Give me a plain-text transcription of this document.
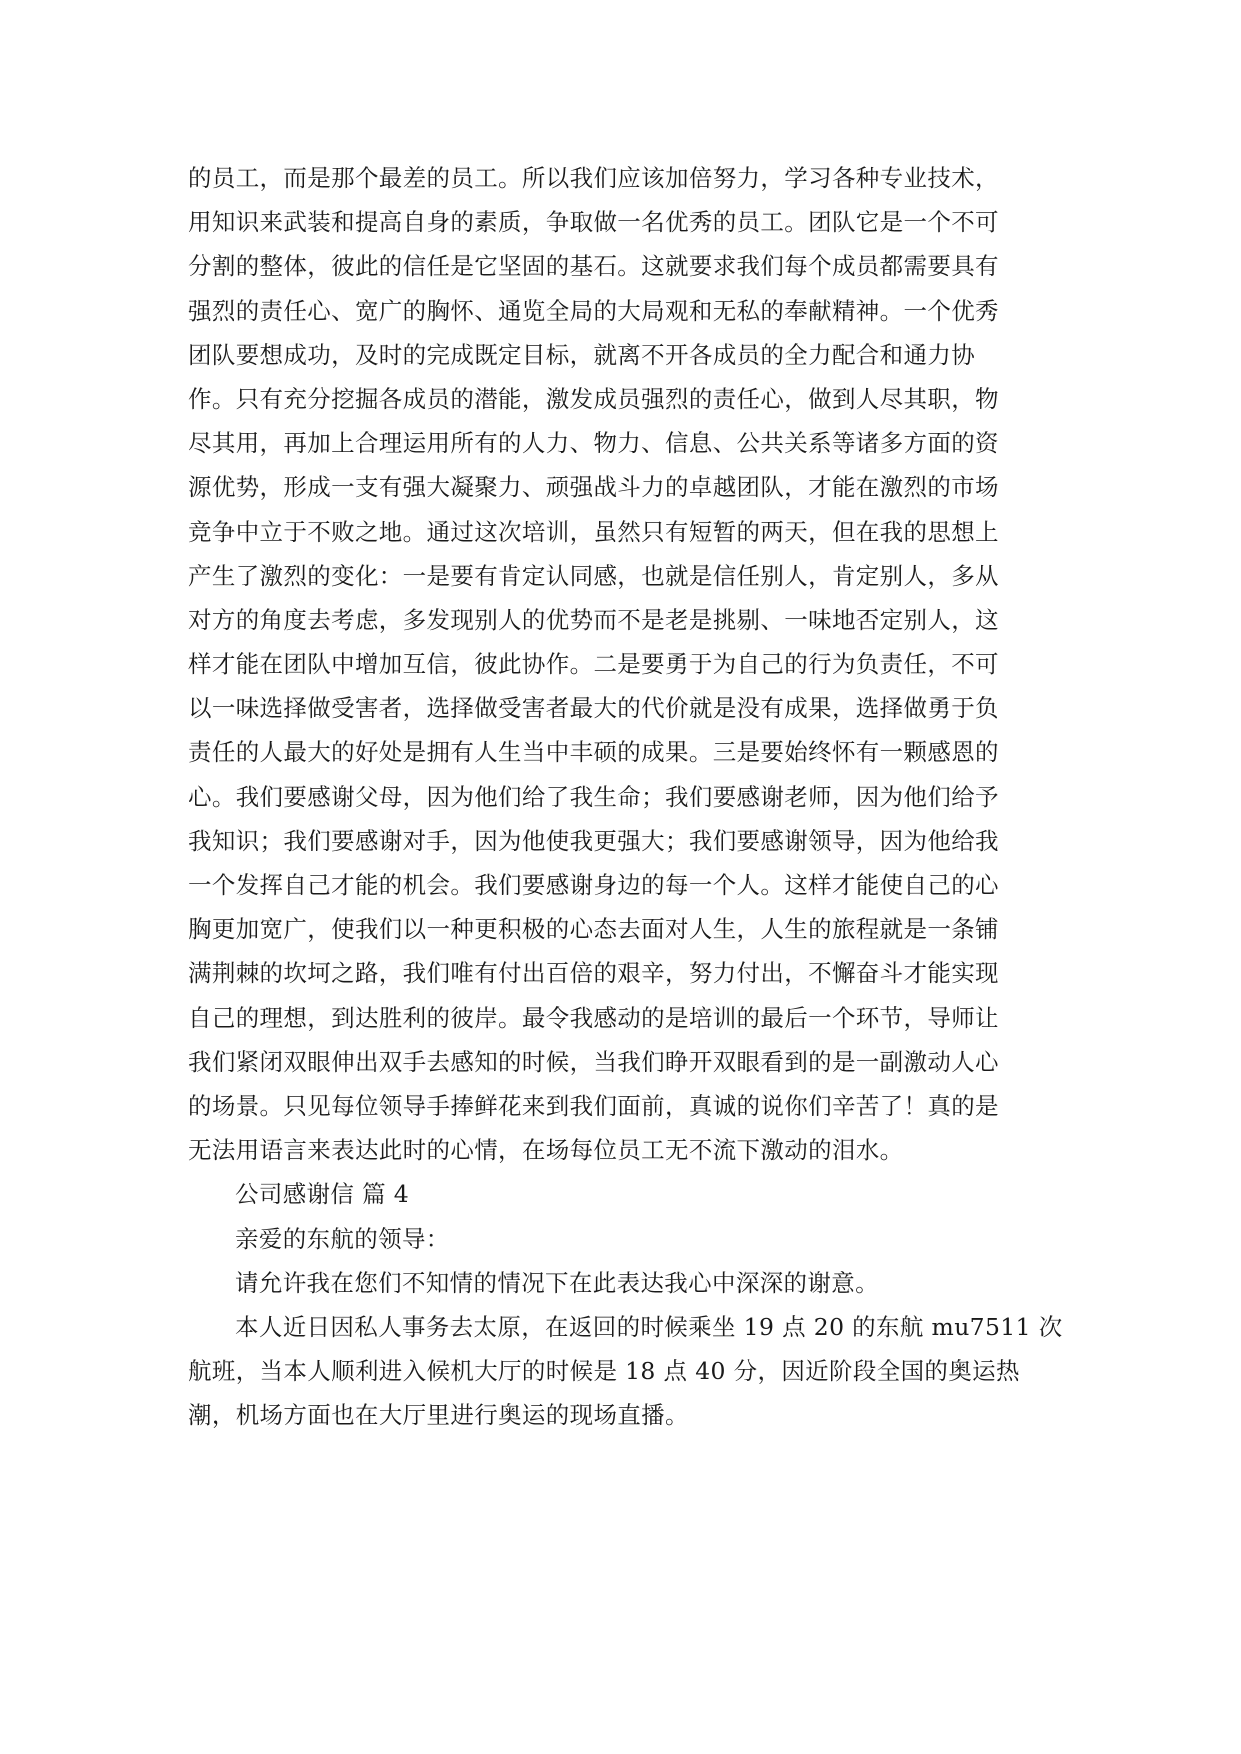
的员工，而是那个最差的员工。所以我们应该加倍努力，学习各种专业技术，
用知识来武装和提高自身的素质，争取做一名优秀的员工。团队它是一个不可
分割的整体，彼此的信任是它坚固的基石。这就要求我们每个成员都需要具有
强烈的责任心、宽广的胸怀、通览全局的大局观和无私的奉献精神。一个优秀
团队要想成功，及时的完成既定目标，就离不开各成员的全力配合和通力协
作。只有充分挖掘各成员的潜能，激发成员强烈的责任心，做到人尽其职，物
尽其用，再加上合理运用所有的人力、物力、信息、公共关系等诸多方面的资
源优势，形成一支有强大凝聚力、顽强战斗力的卓越团队，才能在激烈的市场
竞争中立于不败之地。通过这次培训，虽然只有短暂的两天，但在我的思想上
产生了激烈的变化：一是要有肯定认同感，也就是信任别人，肯定别人，多从
对方的角度去考虑，多发现别人的优势而不是老是挑剔、一味地否定别人，这
样才能在团队中增加互信，彼此协作。二是要勇于为自己的行为负责任，不可
以一味选择做受害者，选择做受害者最大的代价就是没有成果，选择做勇于负
责任的人最大的好处是拥有人生当中丰硕的成果。三是要始终怀有一颗感恩的
心。我们要感谢父母，因为他们给了我生命；我们要感谢老师，因为他们给予
我知识；我们要感谢对手，因为他使我更强大；我们要感谢领导，因为他给我
一个发挥自己才能的机会。我们要感谢身边的每一个人。这样才能使自己的心
胸更加宽广，使我们以一种更积极的心态去面对人生，人生的旅程就是一条铺
满荆棘的坎坷之路，我们唯有付出百倍的艰辛，努力付出，不懈奋斗才能实现
自己的理想，到达胜利的彼岸。最令我感动的是培训的最后一个环节，导师让
我们紧闭双眼伸出双手去感知的时候，当我们睁开双眼看到的是一副激动人心
的场景。只见每位领导手捧鲜花来到我们面前，真诚的说你们辛苦了！真的是
无法用语言来表达此时的心情，在场每位员工无不流下激动的泪水。
公司感谢信 篇 4
亲爱的东航的领导：
请允许我在您们不知情的情况下在此表达我心中深深的谢意。
本人近日因私人事务去太原，在返回的时候乘坐 19 点 20 的东航 mu7511 次
航班，当本人顺利进入候机大厅的时候是 18 点 40 分，因近阶段全国的奥运热
潮，机场方面也在大厅里进行奥运的现场直播。
